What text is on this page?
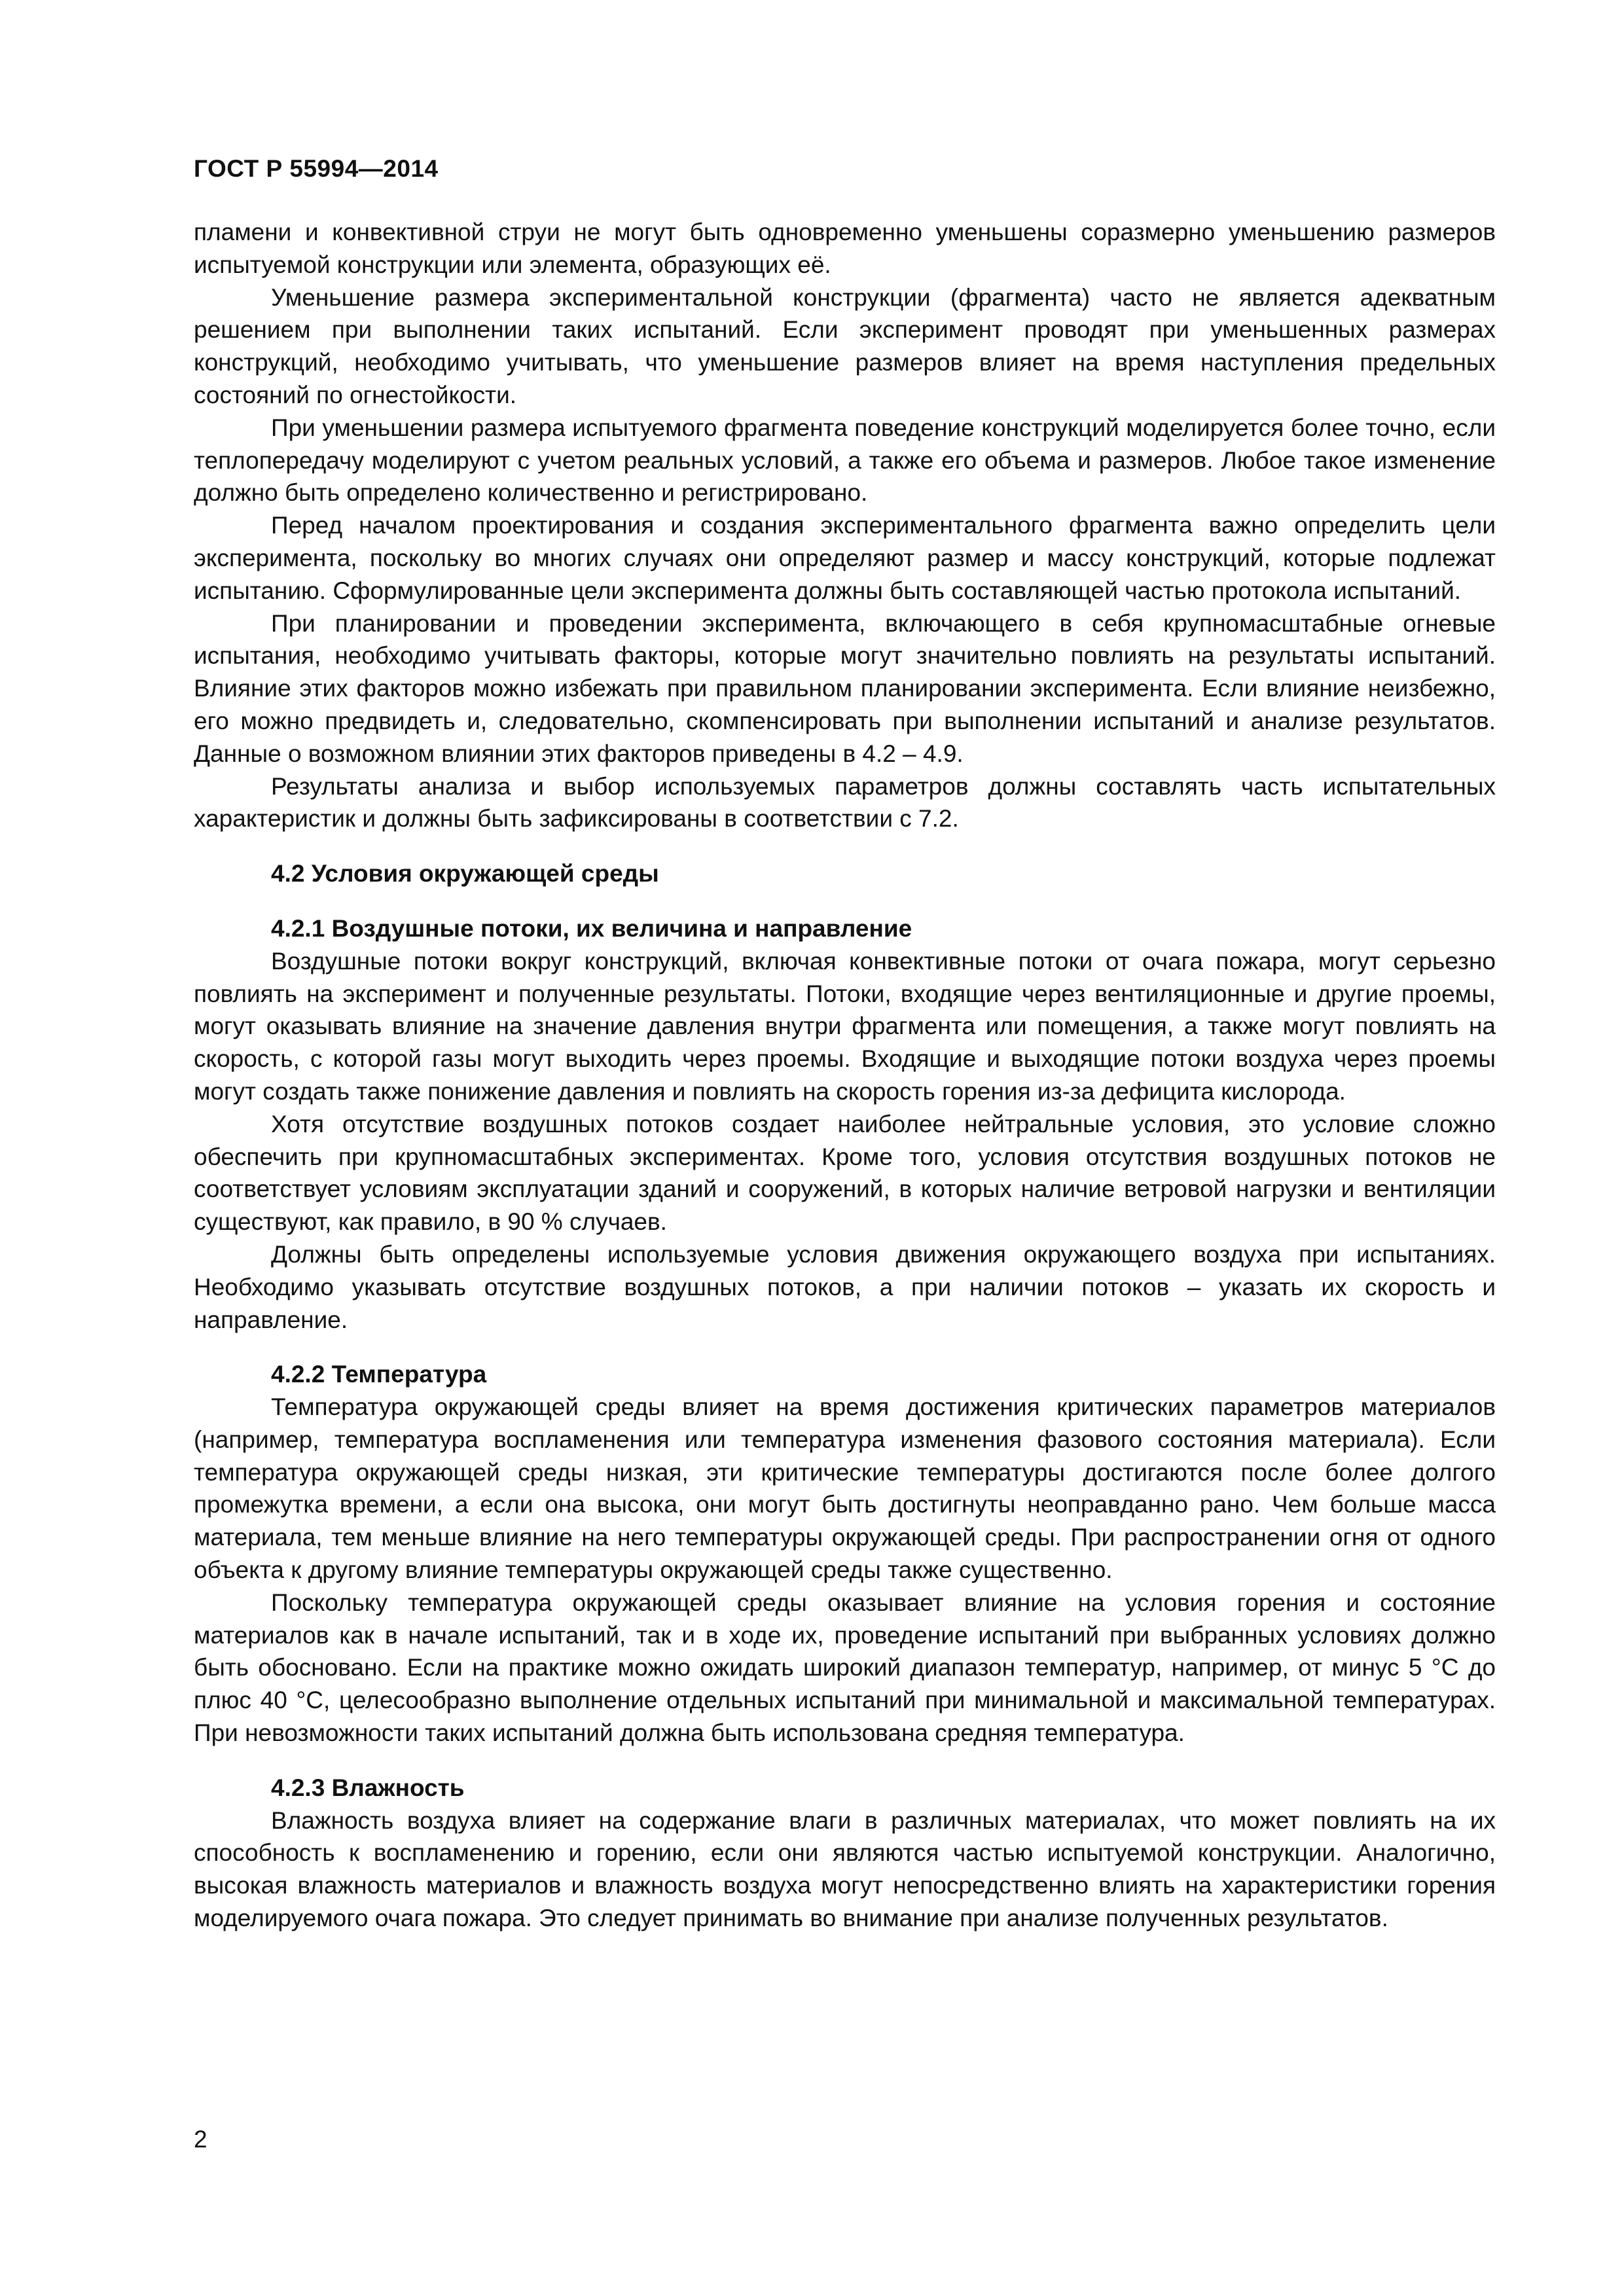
ГОСТ Р 55994—2014

пламени и конвективной струи не могут быть одновременно уменьшены соразмерно уменьшению размеров испытуемой конструкции или элемента, образующих её.

Уменьшение размера экспериментальной конструкции (фрагмента) часто не является адекватным решением при выполнении таких испытаний. Если эксперимент проводят при уменьшенных размерах конструкций, необходимо учитывать, что уменьшение размеров влияет на время наступления предельных состояний по огнестойкости.

При уменьшении размера испытуемого фрагмента поведение конструкций моделируется более точно, если теплопередачу моделируют с учетом реальных условий, а также его объема и размеров. Любое такое изменение должно быть определено количественно и регистрировано.

Перед началом проектирования и создания экспериментального фрагмента важно определить цели эксперимента, поскольку во многих случаях они определяют размер и массу конструкций, которые подлежат испытанию. Сформулированные цели эксперимента должны быть составляющей частью протокола испытаний.

При планировании и проведении эксперимента, включающего в себя крупномасштабные огневые испытания, необходимо учитывать факторы, которые могут значительно повлиять на результаты испытаний. Влияние этих факторов можно избежать при правильном планировании эксперимента. Если влияние неизбежно, его можно предвидеть и, следовательно, скомпенсировать при выполнении испытаний и анализе результатов. Данные о возможном влиянии этих факторов приведены в 4.2 – 4.9.

Результаты анализа и выбор используемых параметров должны составлять часть испытательных характеристик и должны быть зафиксированы в соответствии с 7.2.

4.2 Условия окружающей среды
4.2.1 Воздушные потоки, их величина и направление

Воздушные потоки вокруг конструкций, включая конвективные потоки от очага пожара, могут серьезно повлиять на эксперимент и полученные результаты. Потоки, входящие через вентиляционные и другие проемы, могут оказывать влияние на значение давления внутри фрагмента или помещения, а также могут повлиять на скорость, с которой газы могут выходить через проемы. Входящие и выходящие потоки воздуха через проемы могут создать также понижение давления и повлиять на скорость горения из-за дефицита кислорода.

Хотя отсутствие воздушных потоков создает наиболее нейтральные условия, это условие сложно обеспечить при крупномасштабных экспериментах. Кроме того, условия отсутствия воздушных потоков не соответствует условиям эксплуатации зданий и сооружений, в которых наличие ветровой нагрузки и вентиляции существуют, как правило, в 90 % случаев.

Должны быть определены используемые условия движения окружающего воздуха при испытаниях. Необходимо указывать отсутствие воздушных потоков, а при наличии потоков – указать их скорость и направление.

4.2.2 Температура

Температура окружающей среды влияет на время достижения критических параметров материалов (например, температура воспламенения или температура изменения фазового состояния материала). Если температура окружающей среды низкая, эти критические температуры достигаются после более долгого промежутка времени, а если она высока, они могут быть достигнуты неоправданно рано. Чем больше масса материала, тем меньше влияние на него температуры окружающей среды. При распространении огня от одного объекта к другому влияние температуры окружающей среды также существенно.

Поскольку температура окружающей среды оказывает влияние на условия горения и состояние материалов как в начале испытаний, так и в ходе их, проведение испытаний при выбранных условиях должно быть обосновано. Если на практике можно ожидать широкий диапазон температур, например, от минус 5 °С до плюс 40 °С, целесообразно выполнение отдельных испытаний при минимальной и максимальной температурах. При невозможности таких испытаний должна быть использована средняя температура.

4.2.3 Влажность

Влажность воздуха влияет на содержание влаги в различных материалах, что может повлиять на их способность к воспламенению и горению, если они являются частью испытуемой конструкции. Аналогично, высокая влажность материалов и влажность воздуха могут непосредственно влиять на характеристики горения моделируемого очага пожара. Это следует принимать во внимание при анализе полученных результатов.

2
